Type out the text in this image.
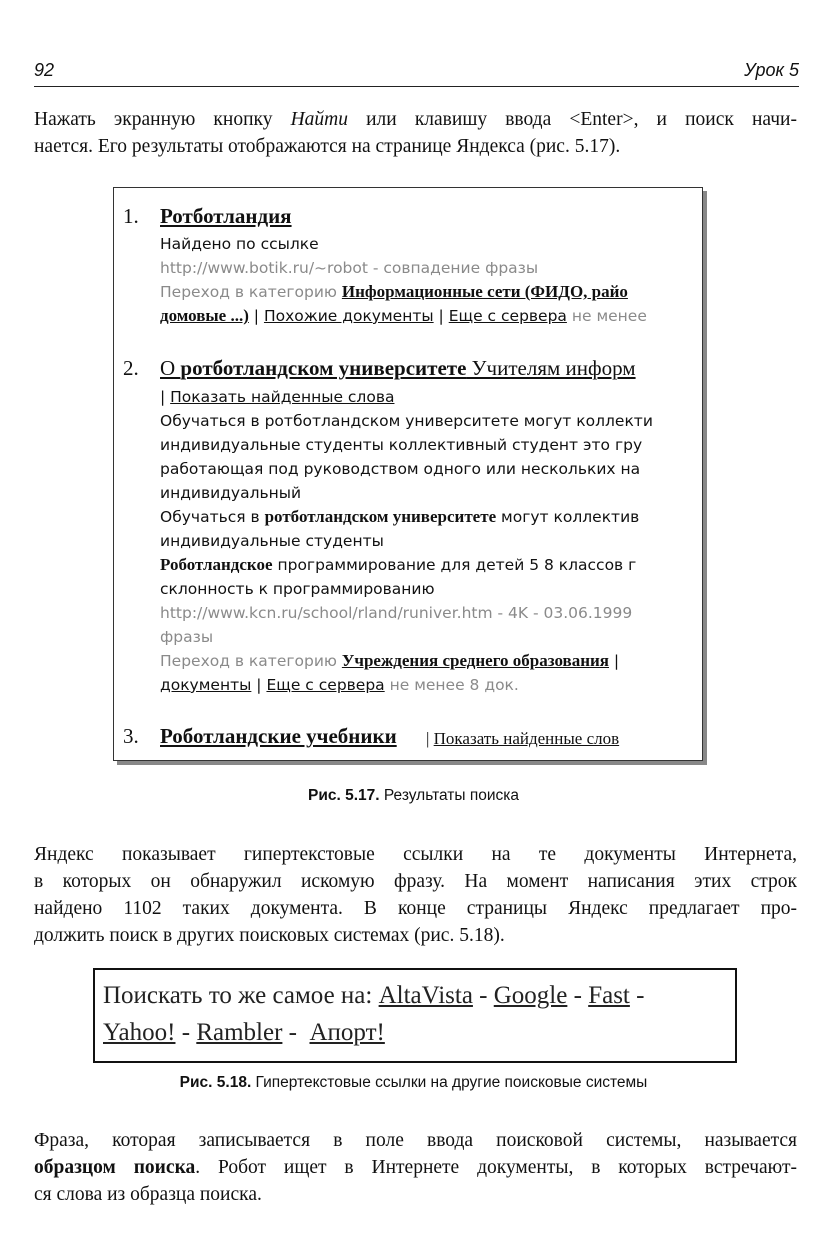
92	Урок 5
Нажать экранную кнопку Найти или клавишу ввода <Enter>, и поиск начи-
нается. Его результаты отображаются на странице Яндекса (рис. 5.17).
1. Ротботландия
Найдено по ссылке
http://www.botik.ru/~robot - совпадение фразы
Переход в категорию Информационные сети (ФИДО, райо
домовые ...) | Похожие документы | Еще с сервера не менее
2. О ротботландском университете Учителям информ
| Показать найденные слова
Обучаться в ротботландском университете могут коллекти
индивидуальные студенты коллективный студент это гру
работающая под руководством одного или нескольких на
индивидуальный
Обучаться в ротботландском университете могут коллектив
индивидуальные студенты
Роботландское программирование для детей 5 8 классов г
склонность к программированию
http://www.kcn.ru/school/rland/runiver.htm - 4K - 03.06.1999
фразы
Переход в категорию Учреждения среднего образования |
документы | Еще с сервера не менее 8 док.
3. Роботландские учебники | Показать найденные слов
Рис. 5.17. Результаты поиска
Яндекс показывает гипертекстовые ссылки на те документы Интернета,
в которых он обнаружил искомую фразу. На момент написания этих строк
найдено 1102 таких документа. В конце страницы Яндекс предлагает про-
должить поиск в других поисковых системах (рис. 5.18).
Поискать то же самое на: AltaVista - Google - Fast -
Yahoo! - Rambler -  Апорт!
Рис. 5.18. Гипертекстовые ссылки на другие поисковые системы
Фраза, которая записывается в поле ввода поисковой системы, называется
образцом поиска. Робот ищет в Интернете документы, в которых встречают-
ся слова из образца поиска.
